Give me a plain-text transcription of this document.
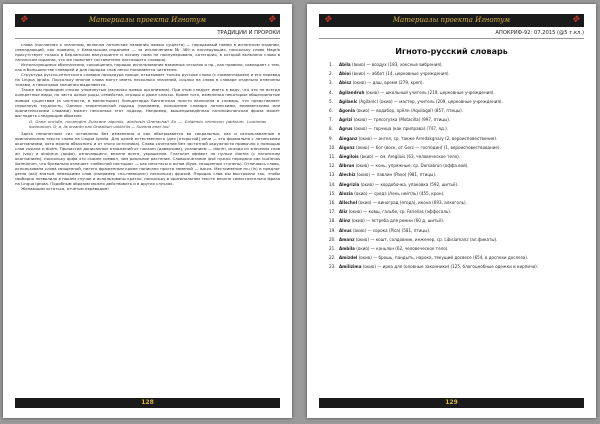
✥	Материалы проекта Игнотум	✥
ТРАДИЦИИ И ПРОРОКИ

слова (посланная к значению, включая латинские названия живых существ) — порядковый номер в испанском издании, совпадающий, как правило, с Бамальским изданием — за исключением № 389 и последующих, поскольку слово Magrio присутствует только в Берлинском манускрипте и потому нами не пронумеровано, категория, в которой включено слово в латинском издании, что же помогает составителю настоящего словаря).

Использующиеся обозначения, сокращения, порядок использования взаимных отсылок и пр., как правило, совпадает с тем, как в большинстве словарей и для порядка слов легко понимаются читателю.

Структура русско-игнотского словаря процедура проще, отказывает только русское слово (с комментарием) и его перевод на Lingua Ignota. Поскольку многие слова могут иметь несколько значений, ссылки на слова в словаре отдельно отмечены тонами, а некоторые значения выделяются.

Также мы приводим список упомянутых (включая живых организмов). При этом следует иметь в виду, что это не всегда конкретные виды, но часто целые роды, семейства, отряды и даже классы. Кроме того, изменения некоторые общепринятые живым существам (в частности, в монастырях) Хильдегарда Бингенская просто включила в словарь, что представляет серьезную трудность. Однако теоретической подход (например, положение словаря латинскими, ениевенскими или хранительскими словами) может несколько этот подход. Например, вышеприведённая латиноиспанская фраза может выглядеть следующим образом:

O, Orzia oncidia, nocarodim Zuiscane aigoniis, abrituisin Oreriachal! Ex — Coldemio oriminum (abfolum, Loutimias ibzimiarum. O, a, lis orzanto oao Oneziburi vaiólu'lis — Suenna ener lus!

Здесь непонятным «и» оставлены без изменения и как обыгрывается во сакральных, как и использованные в оригинальном тексте слова на Lingua Ignota. Для целей естественного (для [открытой] речи — это формально с латинскими окончаниями, хотя можно объяснить и от этого источника). Слово сочетание без частотной окружности привычно с помощью слов zusiana и diorm. Причастие дописанных отражений от nocaum (доверчива), указанием — diorim, исходя из значения слов air (vox) и airobirun (арфа), означающего, вполне всего, украшение. Глаголят эффект на пульсе diorhia (с латинским окончанием), поскольку арфа это скорее символ, чем реальное растение. Словосочетание ipsë нужно передано как loutimias ibzimiarum, что буквально означает «небесной пастырю» — как ипостасы и основ (букв. священных ступень). Отличаясь слово, использована слова священной, нигего фраженным кроме написано просто заменой — isaura. Местоимение mu (in) и предлог gerda (aal) взятым немецкими слов (например «по-немецки») несколько) фразой. Порядок слов мы выстроили так, чтобы свободно позволило в нашем случае и использованы кратко, поскольку в оригинальном тексте вполне самостоятельно фраза на Lingua Ignota. Подобным образом можно действовать и в других случаях.

Желающим остаться, отчётом переводом!

128
✥	Материалы проекта Игнотум	✥
АПОКРИФ-92: 07.2015 (@5 т.кл.)
Игното-русский словарь
1. Abila (ᴅᴋᴎᴅ) — воздух (183, хоксные вибрения).
2. Abioi (ᴅᴋᴎᴅ) — аббат (14, церковные учреждения).
3. Abisz (ᴅᴋᴎᴅ) — даш, время (279, креп).
4. Agilandruh (ᴅᴋᴎᴅ) — школьный учитель (219, церковные учреждения).
5. Agilanlc (Agilanlc) (ᴅᴋᴎᴅ) — мастер, учитель (209, церковные учреждения).
6. Agonia (ᴅᴋᴎᴅ) — водабор, орёлн (Aquilagol) (857, птицы).
7. Agrizi (ᴅᴋᴎᴅ) — трясогузка (Motacilla) (997, птицы).
8. Agrus (ᴅᴋᴎᴅ) — горчица (как приправа) (747, яд.).
9. Aieganz (ᴅᴋᴎᴅ) — ангел, ср. также Arredakgnary (2, вероисповествение).
10. Aigonz (ᴅᴋᴎᴅ) — бог (воск, от Gorz — господин) (1, вероисповествование).
11. Aiegilois (ᴅᴋᴎᴅ) — см. Aregilois (63, человеческое тело).
12. Albrun (ᴅᴋᴎᴅ) — конь, упряжные, ср. Dorsabrun (оффа.вой).
13. Alechiz (ᴅᴋᴎᴅ) — павлин (Paνo) (981, птицы).
14. Alegrizia (ᴅᴋᴎᴅ) — кордобочка, упаковка (592, шитьё).
15. Alozia (ᴅᴋᴎᴅ) — средз (Λень нейтль) (455, крон).
16. Allschol (ᴅᴋᴎᴅ) — виноград (ягода), икона (693, алкоголь).
17. Aliz (ᴅᴋᴎᴅ) — ковш, гальбе, ср. Farielias (эффосаль).
18. Alinz (ᴅᴋᴎᴅ) — ястреба для ремни (60 д, шитьё).
19. Alvus (ᴅᴋᴎᴅ) — сорока (Pica) (581, птицы).
20. Amanz (ᴅᴋᴎᴅ) — кошт, солдовник, инженер, ср. Libisiamanz (ал.фикаты).
21. Ambila (ᴅᴋᴎᴅ) — каньлон (62, человеческое тело).
22. Amizdel (ᴅᴋᴎᴅ) — брошь, пандыть, нарока, текущий досвесе (654, в доспехи дослеза).
23. Amilizima (ᴅᴋᴎᴅ) — иреа для (оловные законники) (125, благоцнобные одежки и кирпичи).
129
